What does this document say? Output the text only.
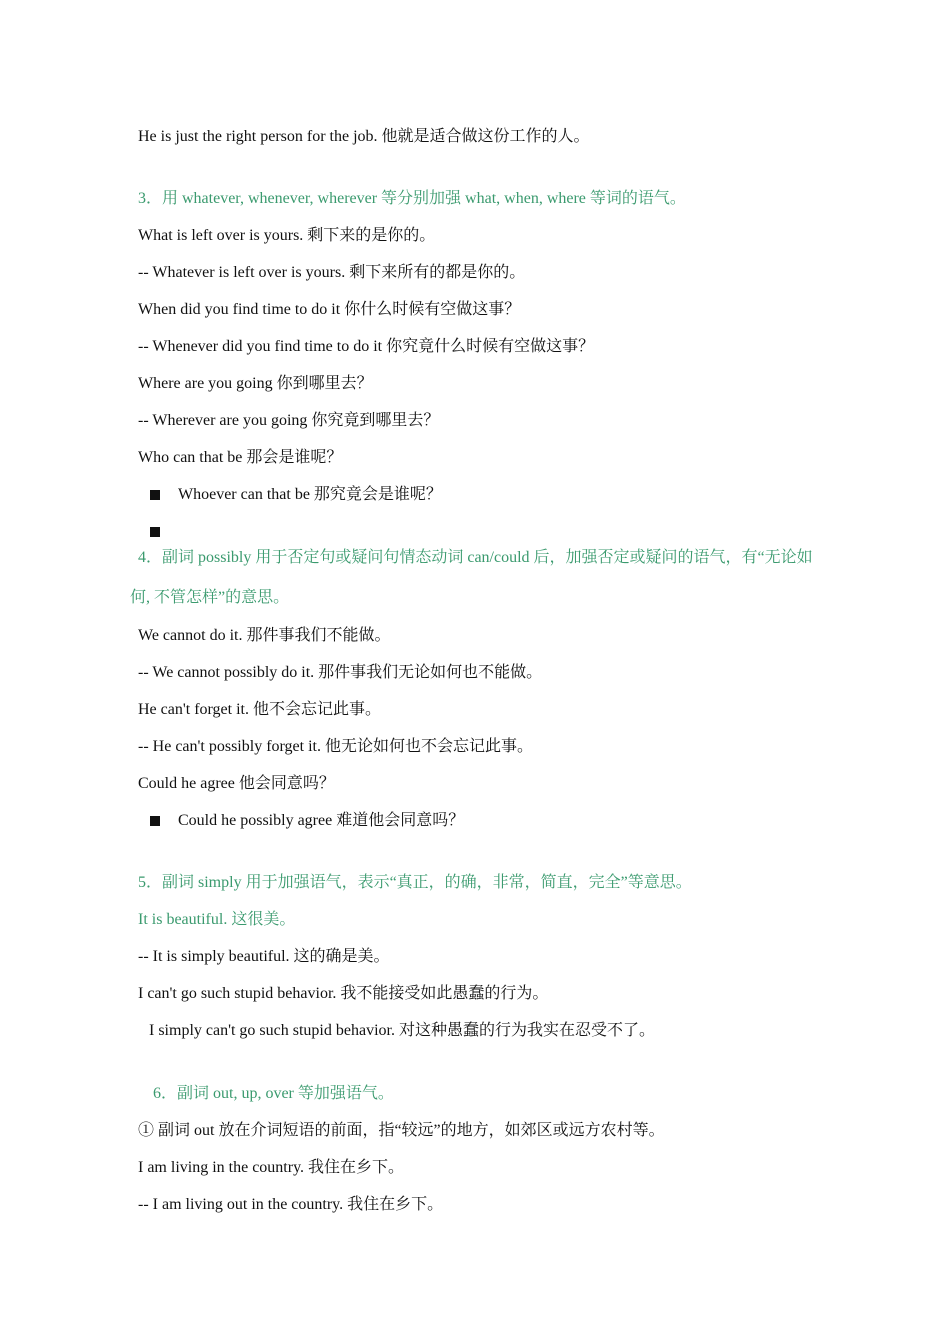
He is just the right person for the job. 他就是适合做这份工作的人。
3．用 whatever, whenever, wherever 等分别加强 what, when, where 等词的语气。
What is left over is yours. 剩下来的是你的。
-- Whatever is left over is yours. 剩下来所有的都是你的。
When did you find time to do it 你什么时候有空做这事？
-- Whenever did you find time to do it 你究竟什么时候有空做这事？
Where are you going 你到哪里去？
-- Wherever are you going 你究竟到哪里去？
Who can that be 那会是谁呢？
Whoever can that be 那究竟会是谁呢？
4．副词 possibly 用于否定句或疑问句情态动词 can/could 后，加强否定或疑问的语气，有“无论如何, 不管怎样”的意思。
We cannot do it. 那件事我们不能做。
-- We cannot possibly do it. 那件事我们无论如何也不能做。
He can't forget it. 他不会忘记此事。
-- He can't possibly forget it. 他无论如何也不会忘记此事。
Could he agree 他会同意吗？
Could he possibly agree 难道他会同意吗？
5．副词 simply 用于加强语气，表示“真正，的确，非常，简直，完全”等意思。
It is beautiful. 这很美。
-- It is simply beautiful. 这的确是美。
I can't go such stupid behavior. 我不能接受如此愚蠢的行为。
I simply can't go such stupid behavior. 对这种愚蠢的行为我实在忍受不了。
6．副词 out, up, over 等加强语气。
① 副词 out 放在介词短语的前面，指“较远”的地方，如郊区或远方农村等。
I am living in the country. 我住在乡下。
-- I am living out in the country. 我住在乡下。
